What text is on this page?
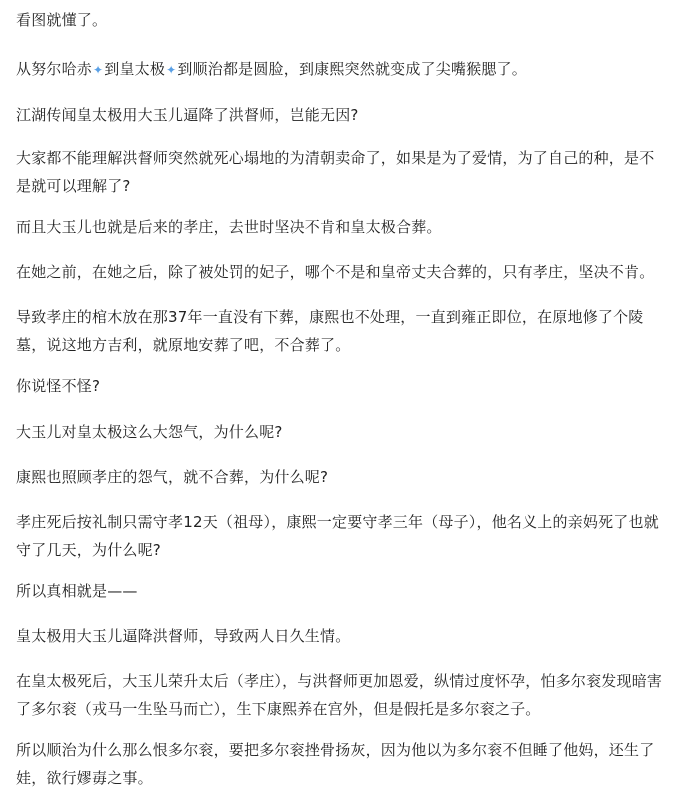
看图就懂了。

从努尔哈赤✦到皇太极✦到顺治都是圆脸，到康熙突然就变成了尖嘴猴腮了。

江湖传闻皇太极用大玉儿逼降了洪督师，岂能无因?

大家都不能理解洪督师突然就死心塌地的为清朝卖命了，如果是为了爱情，为了自己的种，是不是就可以理解了?

而且大玉儿也就是后来的孝庄，去世时坚决不肯和皇太极合葬。

在她之前，在她之后，除了被处罚的妃子，哪个不是和皇帝丈夫合葬的，只有孝庄，坚决不肯。

导致孝庄的棺木放在那37年一直没有下葬，康熙也不处理，一直到雍正即位，在原地修了个陵墓，说这地方吉利，就原地安葬了吧，不合葬了。

你说怪不怪?

大玉儿对皇太极这么大怨气，为什么呢?

康熙也照顾孝庄的怨气，就不合葬，为什么呢?

孝庄死后按礼制只需守孝12天（祖母），康熙一定要守孝三年（母子），他名义上的亲妈死了也就守了几天，为什么呢?

所以真相就是——

皇太极用大玉儿逼降洪督师，导致两人日久生情。

在皇太极死后，大玉儿荣升太后（孝庄），与洪督师更加恩爱，纵情过度怀孕，怕多尔衮发现暗害了多尔衮（戎马一生坠马而亡），生下康熙养在宫外，但是假托是多尔衮之子。

所以顺治为什么那么恨多尔衮，要把多尔衮挫骨扬灰，因为他以为多尔衮不但睡了他妈，还生了娃，欲行嫪毐之事。
